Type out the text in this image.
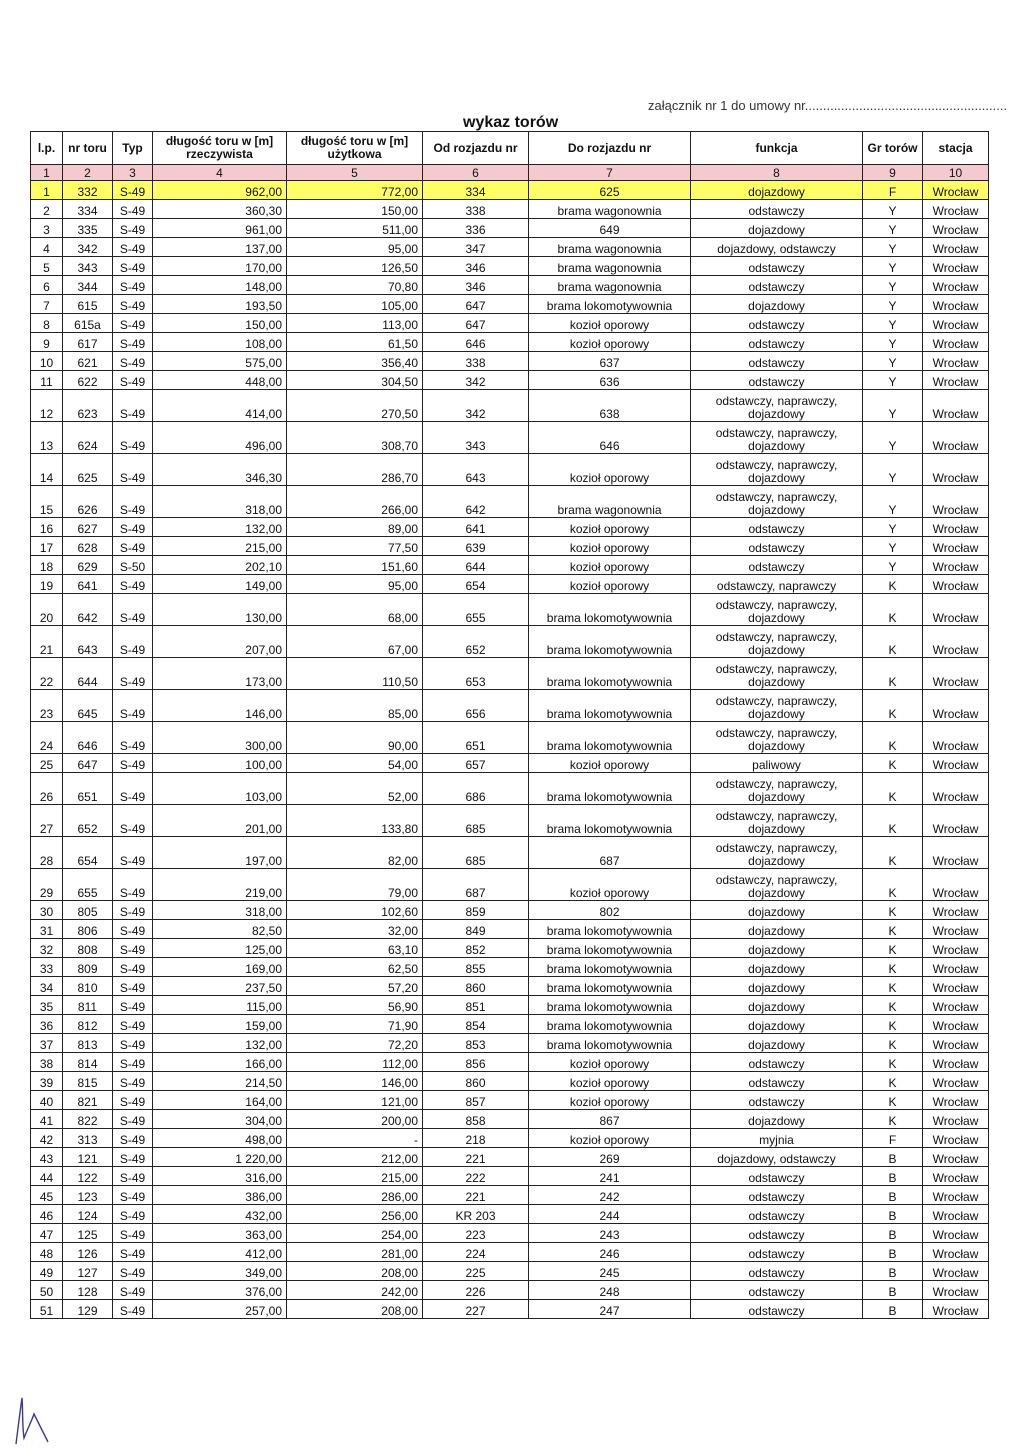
załącznik nr 1 do umowy nr........................................................
wykaz torów
l.p.	nr toru	Typ	długość toru w [m] rzeczywista	długość toru w [m] użytkowa	Od rozjazdu nr	Do rozjazdu nr	funkcja	Gr torów	stacja
1	2	3	4	5	6	7	8	9	10
1	332	S-49	962,00	772,00	334	625	dojazdowy	F	Wrocław
2	334	S-49	360,30	150,00	338	brama wagonownia	odstawczy	Y	Wrocław
3	335	S-49	961,00	511,00	336	649	dojazdowy	Y	Wrocław
4	342	S-49	137,00	95,00	347	brama wagonownia	dojazdowy, odstawczy	Y	Wrocław
5	343	S-49	170,00	126,50	346	brama wagonownia	odstawczy	Y	Wrocław
6	344	S-49	148,00	70,80	346	brama wagonownia	odstawczy	Y	Wrocław
7	615	S-49	193,50	105,00	647	brama lokomotywownia	dojazdowy	Y	Wrocław
8	615a	S-49	150,00	113,00	647	kozioł oporowy	odstawczy	Y	Wrocław
9	617	S-49	108,00	61,50	646	kozioł oporowy	odstawczy	Y	Wrocław
10	621	S-49	575,00	356,40	338	637	odstawczy	Y	Wrocław
11	622	S-49	448,00	304,50	342	636	odstawczy	Y	Wrocław
12	623	S-49	414,00	270,50	342	638	odstawczy, naprawczy, dojazdowy	Y	Wrocław
13	624	S-49	496,00	308,70	343	646	odstawczy, naprawczy, dojazdowy	Y	Wrocław
14	625	S-49	346,30	286,70	643	kozioł oporowy	odstawczy, naprawczy, dojazdowy	Y	Wrocław
15	626	S-49	318,00	266,00	642	brama wagonownia	odstawczy, naprawczy, dojazdowy	Y	Wrocław
16	627	S-49	132,00	89,00	641	kozioł oporowy	odstawczy	Y	Wrocław
17	628	S-49	215,00	77,50	639	kozioł oporowy	odstawczy	Y	Wrocław
18	629	S-50	202,10	151,60	644	kozioł oporowy	odstawczy	Y	Wrocław
19	641	S-49	149,00	95,00	654	kozioł oporowy	odstawczy, naprawczy	K	Wrocław
20	642	S-49	130,00	68,00	655	brama lokomotywownia	odstawczy, naprawczy, dojazdowy	K	Wrocław
21	643	S-49	207,00	67,00	652	brama lokomotywownia	odstawczy, naprawczy, dojazdowy	K	Wrocław
22	644	S-49	173,00	110,50	653	brama lokomotywownia	odstawczy, naprawczy, dojazdowy	K	Wrocław
23	645	S-49	146,00	85,00	656	brama lokomotywownia	odstawczy, naprawczy, dojazdowy	K	Wrocław
24	646	S-49	300,00	90,00	651	brama lokomotywownia	odstawczy, naprawczy, dojazdowy	K	Wrocław
25	647	S-49	100,00	54,00	657	kozioł oporowy	paliwowy	K	Wrocław
26	651	S-49	103,00	52,00	686	brama lokomotywownia	odstawczy, naprawczy, dojazdowy	K	Wrocław
27	652	S-49	201,00	133,80	685	brama lokomotywownia	odstawczy, naprawczy, dojazdowy	K	Wrocław
28	654	S-49	197,00	82,00	685	687	odstawczy, naprawczy, dojazdowy	K	Wrocław
29	655	S-49	219,00	79,00	687	kozioł oporowy	odstawczy, naprawczy, dojazdowy	K	Wrocław
30	805	S-49	318,00	102,60	859	802	dojazdowy	K	Wrocław
31	806	S-49	82,50	32,00	849	brama lokomotywownia	dojazdowy	K	Wrocław
32	808	S-49	125,00	63,10	852	brama lokomotywownia	dojazdowy	K	Wrocław
33	809	S-49	169,00	62,50	855	brama lokomotywownia	dojazdowy	K	Wrocław
34	810	S-49	237,50	57,20	860	brama lokomotywownia	dojazdowy	K	Wrocław
35	811	S-49	115,00	56,90	851	brama lokomotywownia	dojazdowy	K	Wrocław
36	812	S-49	159,00	71,90	854	brama lokomotywownia	dojazdowy	K	Wrocław
37	813	S-49	132,00	72,20	853	brama lokomotywownia	dojazdowy	K	Wrocław
38	814	S-49	166,00	112,00	856	kozioł oporowy	odstawczy	K	Wrocław
39	815	S-49	214,50	146,00	860	kozioł oporowy	odstawczy	K	Wrocław
40	821	S-49	164,00	121,00	857	kozioł oporowy	odstawczy	K	Wrocław
41	822	S-49	304,00	200,00	858	867	dojazdowy	K	Wrocław
42	313	S-49	498,00	-	218	kozioł oporowy	myjnia	F	Wrocław
43	121	S-49	1 220,00	212,00	221	269	dojazdowy, odstawczy	B	Wrocław
44	122	S-49	316,00	215,00	222	241	odstawczy	B	Wrocław
45	123	S-49	386,00	286,00	221	242	odstawczy	B	Wrocław
46	124	S-49	432,00	256,00	KR 203	244	odstawczy	B	Wrocław
47	125	S-49	363,00	254,00	223	243	odstawczy	B	Wrocław
48	126	S-49	412,00	281,00	224	246	odstawczy	B	Wrocław
49	127	S-49	349,00	208,00	225	245	odstawczy	B	Wrocław
50	128	S-49	376,00	242,00	226	248	odstawczy	B	Wrocław
51	129	S-49	257,00	208,00	227	247	odstawczy	B	Wrocław
